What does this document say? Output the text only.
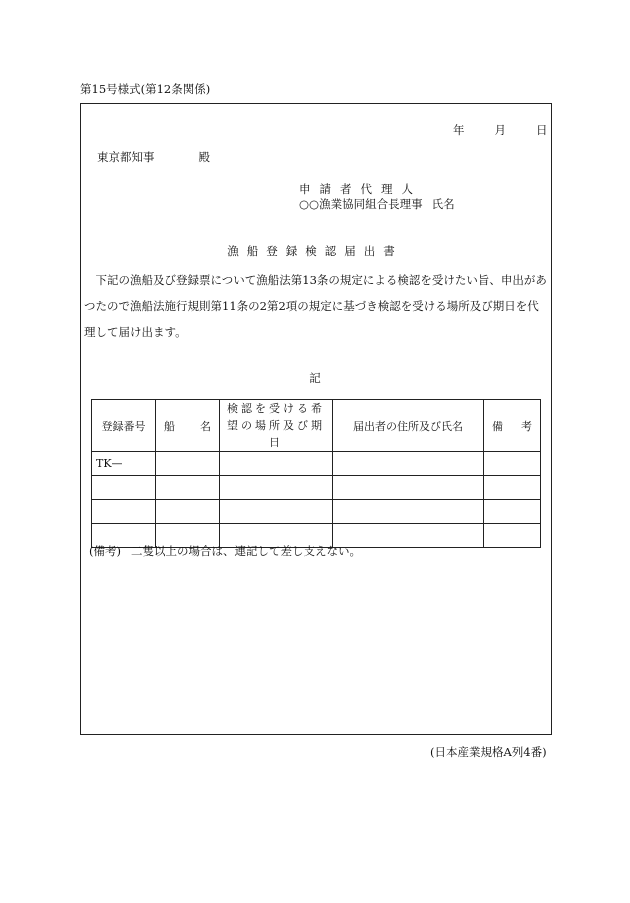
第15号様式(第12条関係)
年	月	日
東京都知事	殿
申請者代理人
○○漁業協同組合長理事 氏名
漁船登録検認届出書
下記の漁船及び登録票について漁船法第13条の規定による検認を受けたい旨、申出があつたので漁船法施行規則第11条の2第2項の規定に基づき検認を受ける場所及び期日を代理して届け出ます。
記
登録番号	船名	検認を受ける希望の場所及び期日	届出者の住所及び氏名	備考
TK—				

(備考) 二隻以上の場合は、連記して差し支えない。
(日本産業規格A列4番)
